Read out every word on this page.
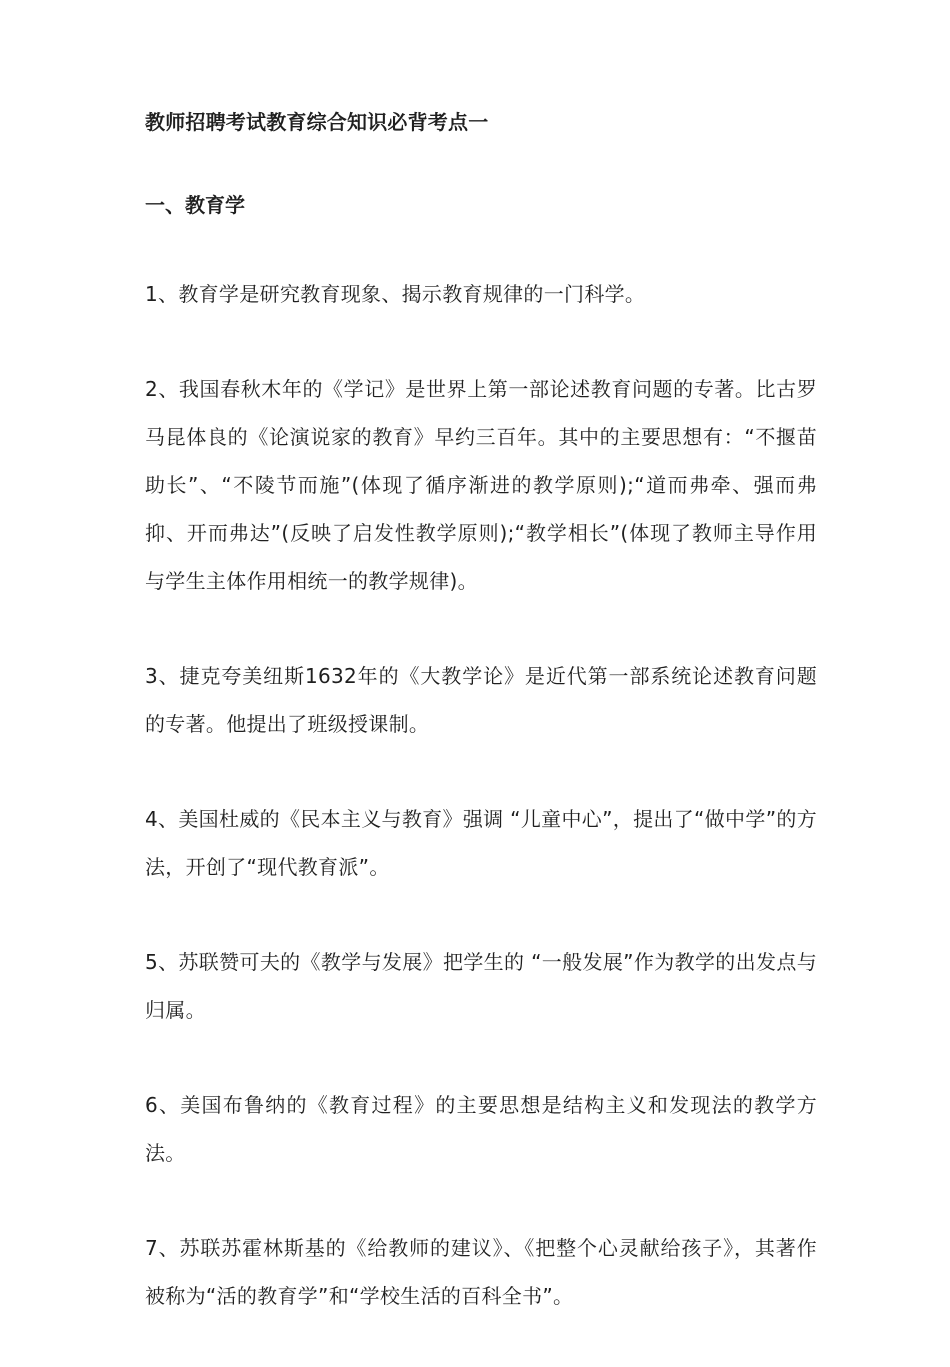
教师招聘考试教育综合知识必背考点一
一、教育学

1、教育学是研究教育现象、揭示教育规律的一门科学。

2、我国春秋木年的《学记》是世界上第一部论述教育问题的专著。比古罗马昆体良的《论演说家的教育》早约三百年。其中的主要思想有：“不揠苗助长”、“不陵节而施”(体现了循序渐进的教学原则);“道而弗牵、强而弗抑、开而弗达”(反映了启发性教学原则);“教学相长”(体现了教师主导作用与学生主体作用相统一的教学规律)。

3、捷克夸美纽斯1632年的《大教学论》是近代第一部系统论述教育问题的专著。他提出了班级授课制。

4、美国杜威的《民本主义与教育》强调 “儿童中心”，提出了“做中学”的方法，开创了“现代教育派”。

5、苏联赞可夫的《教学与发展》把学生的 “一般发展”作为教学的出发点与归属。

6、美国布鲁纳的《教育过程》的主要思想是结构主义和发现法的教学方法。

7、苏联苏霍林斯基的《给教师的建议》、《把整个心灵献给孩子》，其著作被称为“活的教育学”和“学校生活的百科全书”。
